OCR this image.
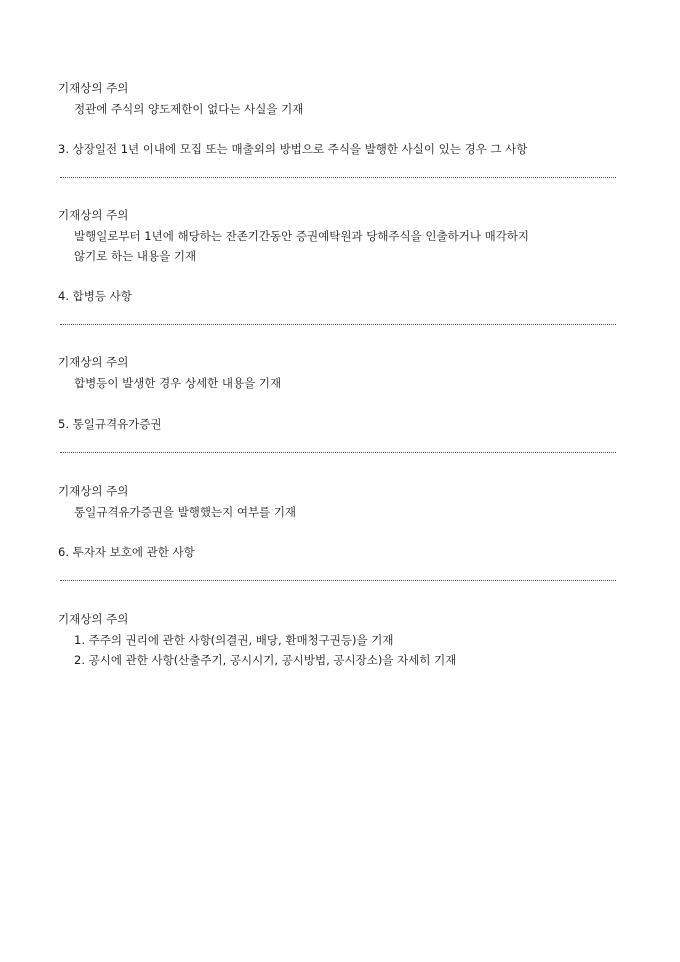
기재상의 주의
정관에 주식의 양도제한이 없다는 사실을 기재
3. 상장일전 1년 이내에 모집 또는 매출외의 방법으로 주식을 발행한 사실이 있는 경우 그 사항
기재상의 주의
발행일로부터 1년에 해당하는 잔존기간동안 증권예탁원과 당해주식을 인출하거나 매각하지
않기로 하는 내용을 기재
4. 합병등 사항
기재상의 주의
합병등이 발생한 경우 상세한 내용을 기재
5. 통일규격유가증권
기재상의 주의
통일규격유가증권을 발행했는지 여부를 기재
6. 투자자 보호에 관한 사항
기재상의 주의
1. 주주의 권리에 관한 사항(의결권, 배당, 환매청구권등)을 기재
2. 공시에 관한 사항(산출주기, 공시시기, 공시방법, 공시장소)을 자세히 기재
